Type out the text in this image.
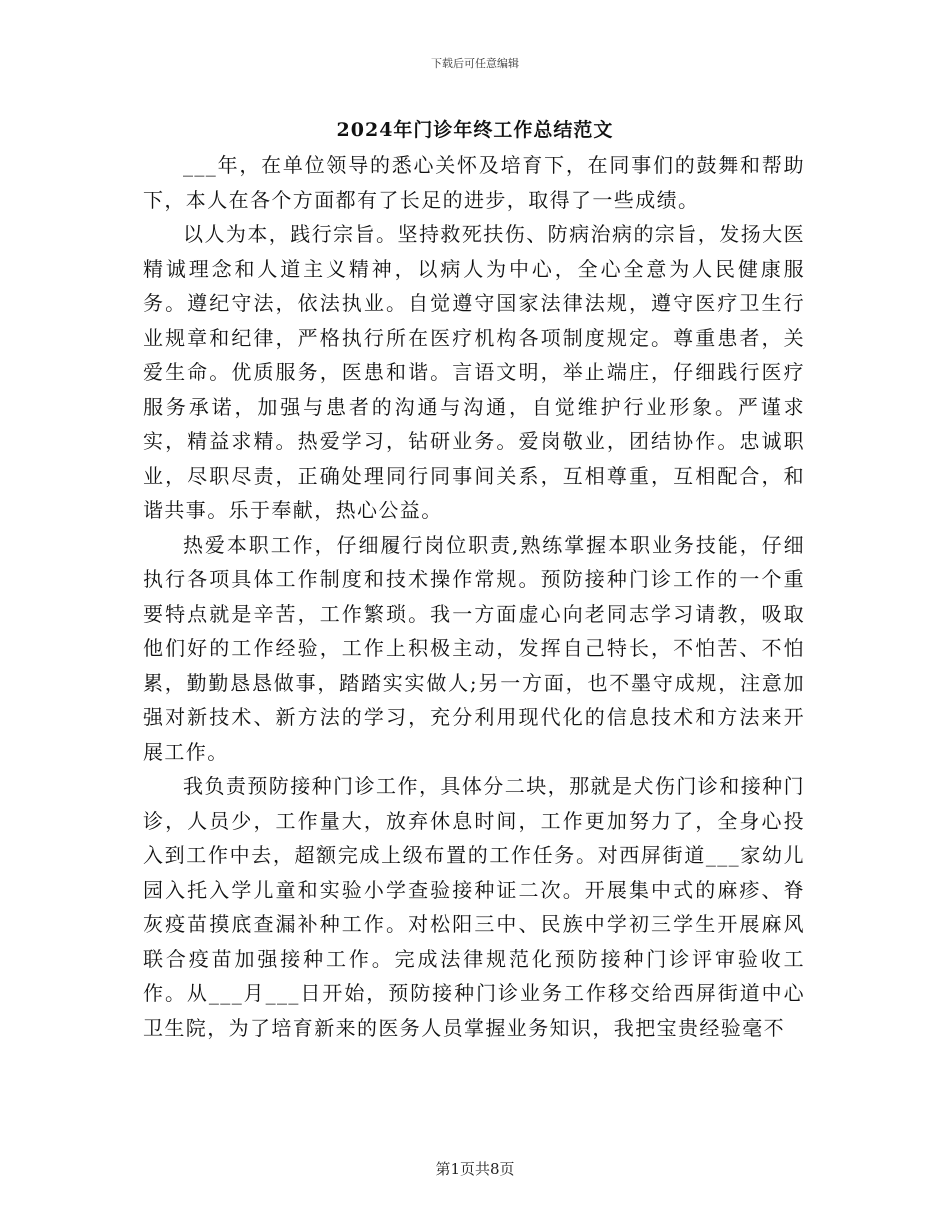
下载后可任意编辑
2024年门诊年终工作总结范文

___年，在单位领导的悉心关怀及培育下，在同事们的鼓舞和帮助下，本人在各个方面都有了长足的进步，取得了一些成绩。

以人为本，践行宗旨。坚持救死扶伤、防病治病的宗旨，发扬大医精诚理念和人道主义精神，以病人为中心，全心全意为人民健康服务。遵纪守法，依法执业。自觉遵守国家法律法规，遵守医疗卫生行业规章和纪律，严格执行所在医疗机构各项制度规定。尊重患者，关爱生命。优质服务，医患和谐。言语文明，举止端庄，仔细践行医疗服务承诺，加强与患者的沟通与沟通，自觉维护行业形象。严谨求实，精益求精。热爱学习，钻研业务。爱岗敬业，团结协作。忠诚职业，尽职尽责，正确处理同行同事间关系，互相尊重，互相配合，和谐共事。乐于奉献，热心公益。

热爱本职工作，仔细履行岗位职责,熟练掌握本职业务技能，仔细执行各项具体工作制度和技术操作常规。预防接种门诊工作的一个重要特点就是辛苦，工作繁琐。我一方面虚心向老同志学习请教，吸取他们好的工作经验，工作上积极主动，发挥自己特长，不怕苦、不怕累，勤勤恳恳做事，踏踏实实做人;另一方面，也不墨守成规，注意加强对新技术、新方法的学习，充分利用现代化的信息技术和方法来开展工作。

我负责预防接种门诊工作，具体分二块，那就是犬伤门诊和接种门诊，人员少，工作量大，放弃休息时间，工作更加努力了，全身心投入到工作中去，超额完成上级布置的工作任务。对西屏街道___家幼儿园入托入学儿童和实验小学查验接种证二次。开展集中式的麻疹、脊灰疫苗摸底查漏补种工作。对松阳三中、民族中学初三学生开展麻风联合疫苗加强接种工作。完成法律规范化预防接种门诊评审验收工作。从___月___日开始，预防接种门诊业务工作移交给西屏街道中心卫生院，为了培育新来的医务人员掌握业务知识，我把宝贵经验毫不

第1页共8页
